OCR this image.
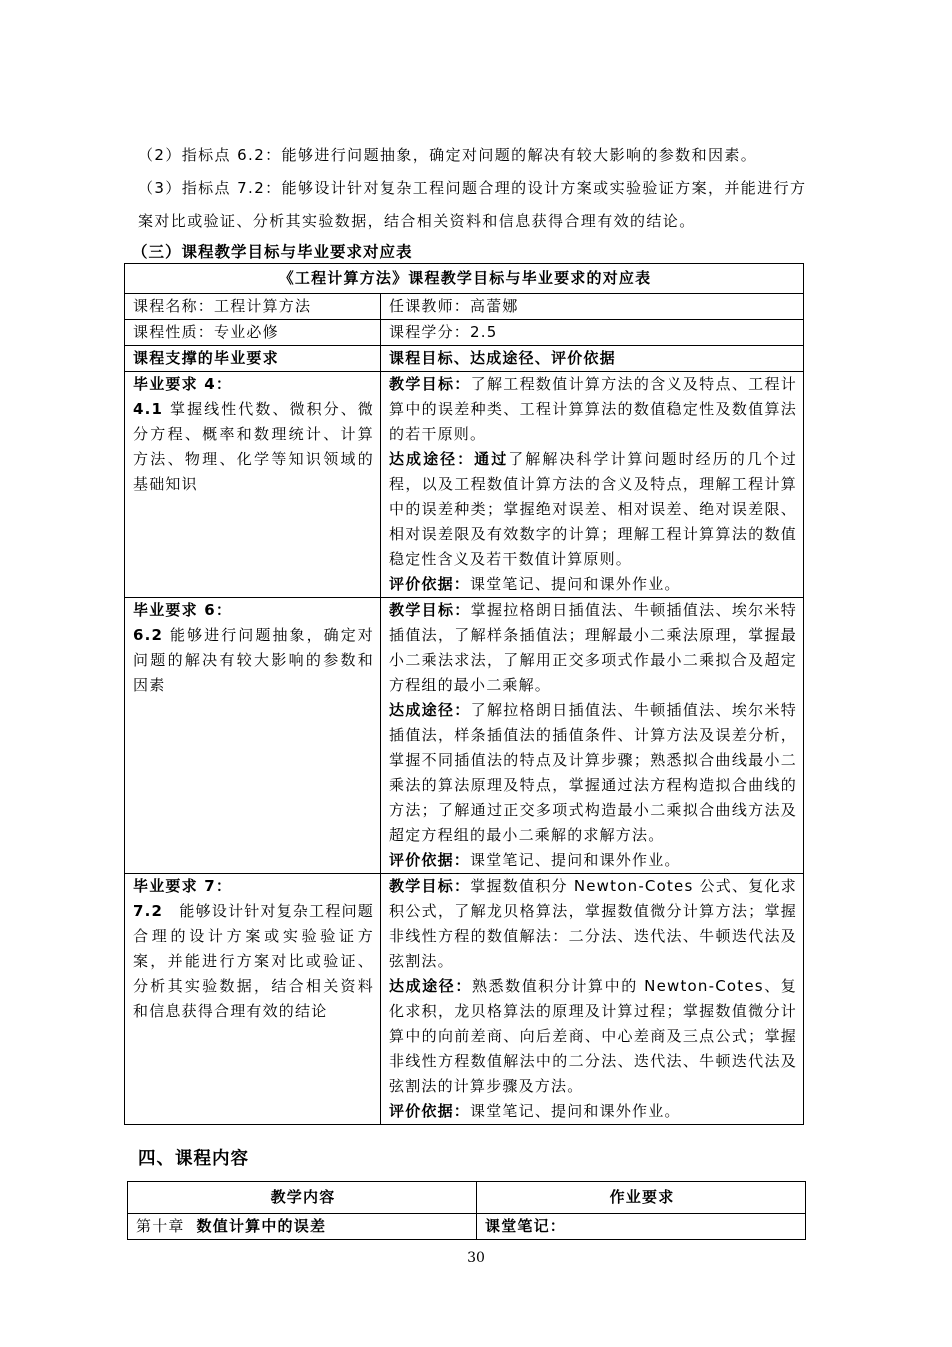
（2）指标点 6.2：能够进行问题抽象，确定对问题的解决有较大影响的参数和因素。

（3）指标点 7.2：能够设计针对复杂工程问题合理的设计方案或实验验证方案，并能进行方案对比或验证、分析其实验数据，结合相关资料和信息获得合理有效的结论。

（三）课程教学目标与毕业要求对应表

《工程计算方法》课程教学目标与毕业要求的对应表	
课程名称：工程计算方法	任课教师：高蕾娜
课程性质：专业必修	课程学分：2.5
课程支撑的毕业要求	课程目标、达成途径、评价依据

毕业要求 4：
4.1 掌握线性代数、微积分、微分方程、概率和数理统计、计算方法、物理、化学等知识领域的基础知识	教学目标：了解工程数值计算方法的含义及特点、工程计算中的误差种类、工程计算算法的数值稳定性及数值算法的若干原则。
达成途径：通过了解解决科学计算问题时经历的几个过程，以及工程数值计算方法的含义及特点，理解工程计算中的误差种类；掌握绝对误差、相对误差、绝对误差限、相对误差限及有效数字的计算；理解工程计算算法的数值稳定性含义及若干数值计算原则。
评价依据：课堂笔记、提问和课外作业。

毕业要求 6：
6.2 能够进行问题抽象，确定对问题的解决有较大影响的参数和因素	教学目标：掌握拉格朗日插值法、牛顿插值法、埃尔米特插值法，了解样条插值法；理解最小二乘法原理，掌握最小二乘法求法，了解用正交多项式作最小二乘拟合及超定方程组的最小二乘解。
达成途径：了解拉格朗日插值法、牛顿插值法、埃尔米特插值法，样条插值法的插值条件、计算方法及误差分析，掌握不同插值法的特点及计算步骤；熟悉拟合曲线最小二乘法的算法原理及特点，掌握通过法方程构造拟合曲线的方法；了解通过正交多项式构造最小二乘拟合曲线方法及超定方程组的最小二乘解的求解方法。
评价依据：课堂笔记、提问和课外作业。

毕业要求 7：
7.2　能够设计针对复杂工程问题合理的设计方案或实验验证方案，并能进行方案对比或验证、分析其实验数据，结合相关资料和信息获得合理有效的结论	教学目标：掌握数值积分 Newton-Cotes 公式、复化求积公式，了解龙贝格算法，掌握数值微分计算方法；掌握非线性方程的数值解法：二分法、迭代法、牛顿迭代法及弦割法。
达成途径：熟悉数值积分计算中的 Newton-Cotes、复化求积，龙贝格算法的原理及计算过程；掌握数值微分计算中的向前差商、向后差商、中心差商及三点公式；掌握非线性方程数值解法中的二分法、迭代法、牛顿迭代法及弦割法的计算步骤及方法。
评价依据：课堂笔记、提问和课外作业。

四、课程内容

教学内容	作业要求
第十章 数值计算中的误差	课堂笔记：
30
